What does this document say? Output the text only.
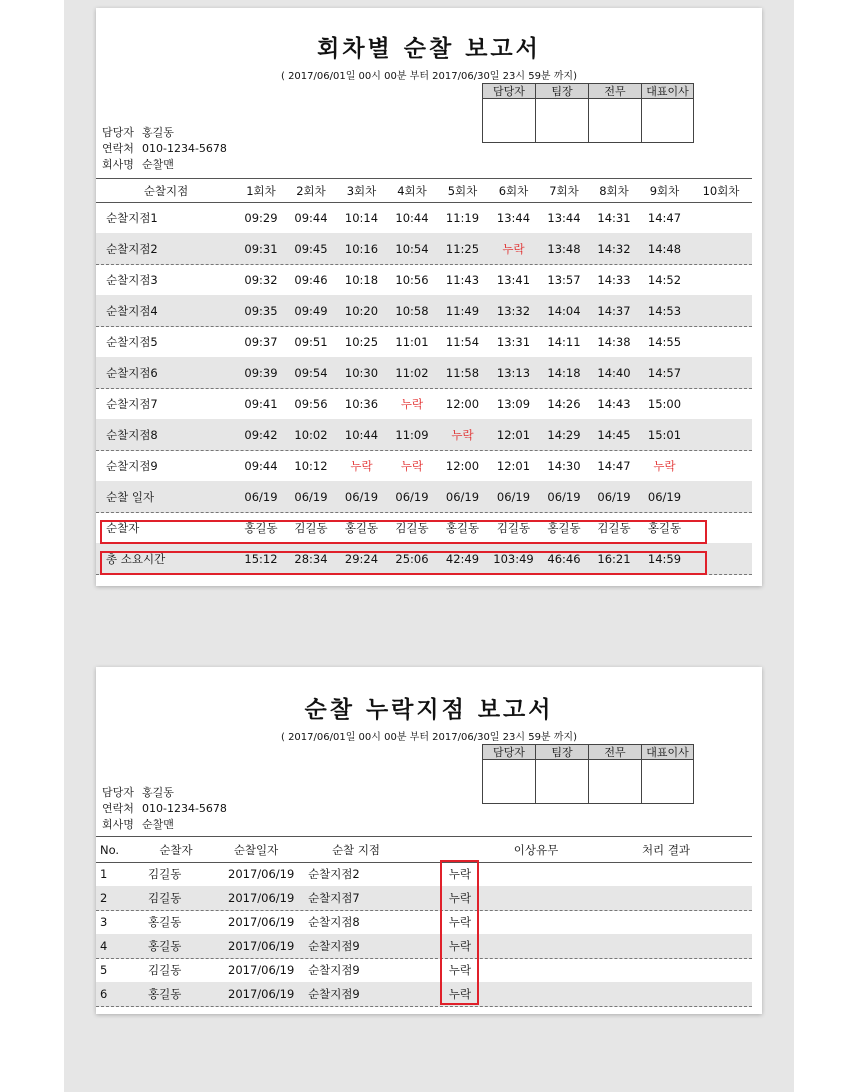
회차별 순찰 보고서
( 2017/06/01일 00시 00분 부터 2017/06/30일 23시 59분 까지)
담당자	팀장	전무	대표이사
담당자 홍길동
연락처 010-1234-5678
회사명 순찰맨
순찰지점	1회차	2회차	3회차	4회차	5회차	6회차	7회차	8회차	9회차	10회차
순찰지점1	09:29	09:44	10:14	10:44	11:19	13:44	13:44	14:31	14:47
순찰지점2	09:31	09:45	10:16	10:54	11:25	누락	13:48	14:32	14:48
순찰지점3	09:32	09:46	10:18	10:56	11:43	13:41	13:57	14:33	14:52
순찰지점4	09:35	09:49	10:20	10:58	11:49	13:32	14:04	14:37	14:53
순찰지점5	09:37	09:51	10:25	11:01	11:54	13:31	14:11	14:38	14:55
순찰지점6	09:39	09:54	10:30	11:02	11:58	13:13	14:18	14:40	14:57
순찰지점7	09:41	09:56	10:36	누락	12:00	13:09	14:26	14:43	15:00
순찰지점8	09:42	10:02	10:44	11:09	누락	12:01	14:29	14:45	15:01
순찰지점9	09:44	10:12	누락	누락	12:00	12:01	14:30	14:47	누락
순찰 일자	06/19	06/19	06/19	06/19	06/19	06/19	06/19	06/19	06/19
순찰자	홍길동	김길동	홍길동	김길동	홍길동	김길동	홍길동	김길동	홍길동
총 소요시간	15:12	28:34	29:24	25:06	42:49	103:49	46:46	16:21	14:59
순찰 누락지점 보고서
( 2017/06/01일 00시 00분 부터 2017/06/30일 23시 59분 까지)
담당자	팀장	전무	대표이사
담당자 홍길동
연락처 010-1234-5678
회사명 순찰맨
No.	순찰자	순찰일자	순찰 지점	이상유무	처리 결과
1	김길동	2017/06/19	순찰지점2	누락
2	김길동	2017/06/19	순찰지점7	누락
3	홍길동	2017/06/19	순찰지점8	누락
4	홍길동	2017/06/19	순찰지점9	누락
5	김길동	2017/06/19	순찰지점9	누락
6	홍길동	2017/06/19	순찰지점9	누락
